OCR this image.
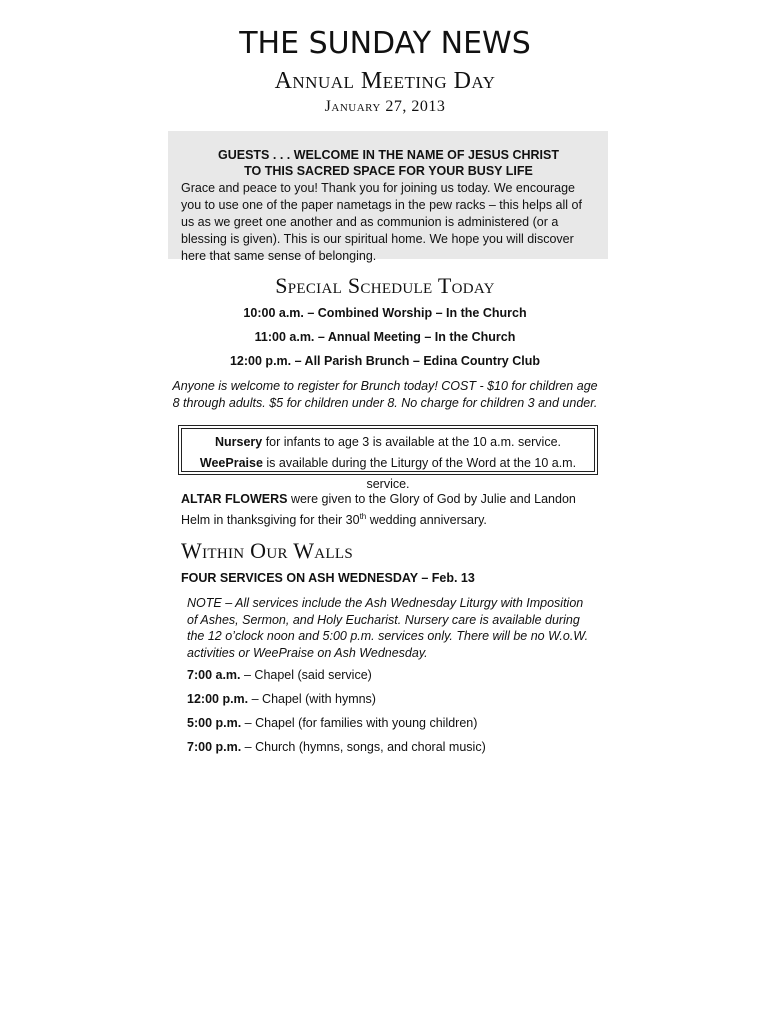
THE SUNDAY NEWS
Annual Meeting Day
January 27, 2013
GUESTS . . . WELCOME IN THE NAME OF JESUS CHRIST
TO THIS SACRED SPACE FOR YOUR BUSY LIFE
Grace and peace to you! Thank you for joining us today. We encourage you to use one of the paper nametags in the pew racks – this helps all of us as we greet one another and as communion is administered (or a blessing is given). This is our spiritual home. We hope you will discover here that same sense of belonging.
Special Schedule Today
10:00 a.m. – Combined Worship – In the Church
11:00 a.m. – Annual Meeting – In the Church
12:00 p.m. – All Parish Brunch – Edina Country Club
Anyone is welcome to register for Brunch today! COST - $10 for children age 8 through adults. $5 for children under 8. No charge for children 3 and under.
Nursery for infants to age 3 is available at the 10 a.m. service.
WeePraise is available during the Liturgy of the Word at the 10 a.m. service.
ALTAR FLOWERS were given to the Glory of God by Julie and Landon Helm in thanksgiving for their 30th wedding anniversary.
Within Our Walls
FOUR SERVICES ON ASH WEDNESDAY – Feb. 13
NOTE – All services include the Ash Wednesday Liturgy with Imposition of Ashes, Sermon, and Holy Eucharist. Nursery care is available during the 12 o’clock noon and 5:00 p.m. services only. There will be no W.o.W. activities or WeePraise on Ash Wednesday.
7:00 a.m. – Chapel (said service)
12:00 p.m. – Chapel (with hymns)
5:00 p.m. – Chapel (for families with young children)
7:00 p.m. – Church (hymns, songs, and choral music)
